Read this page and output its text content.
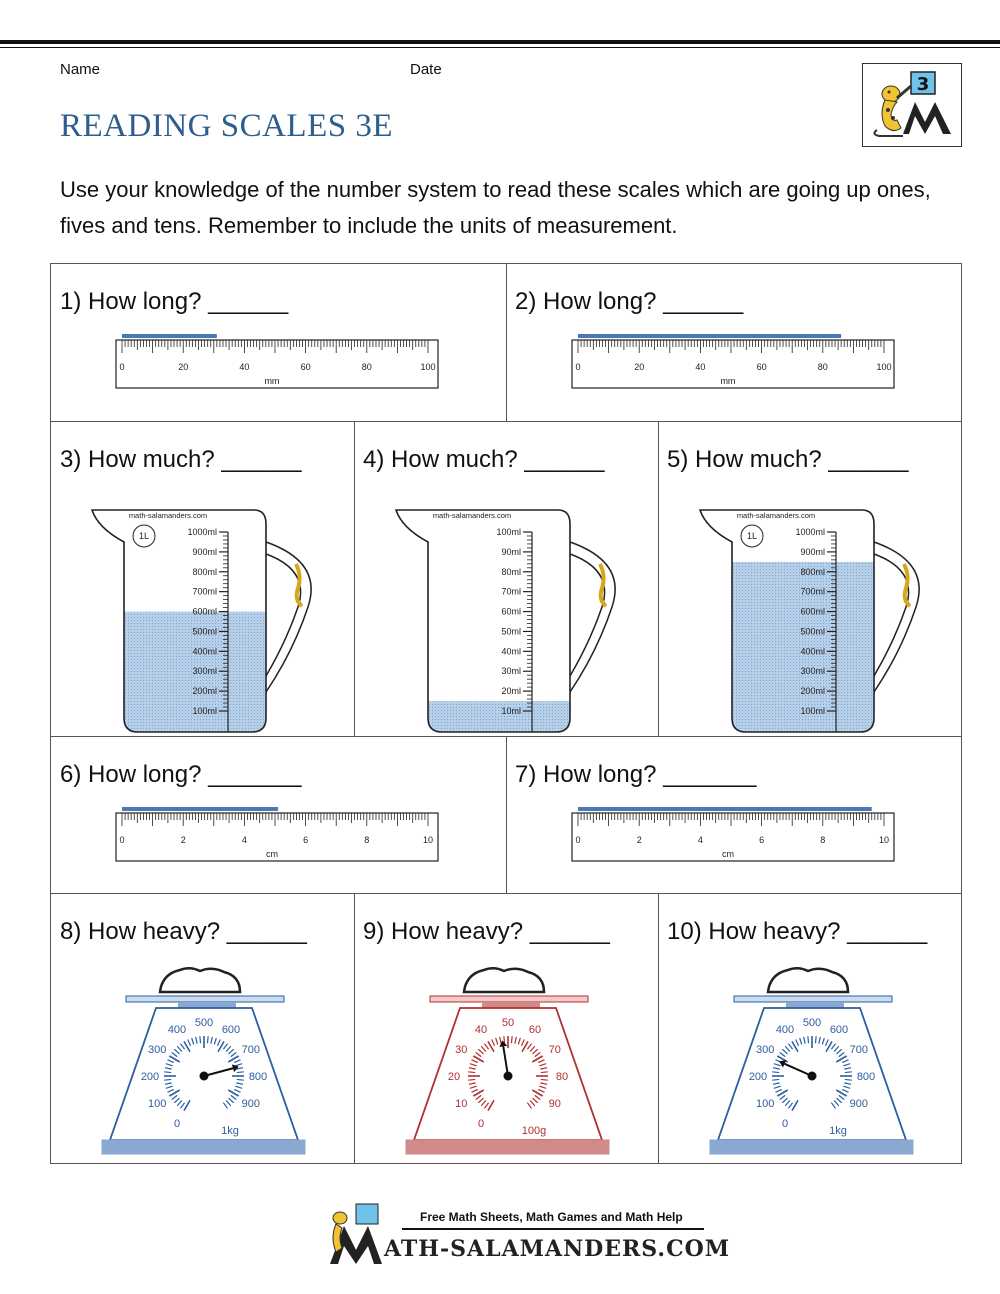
Name	Date
READING SCALES 3E
Use your knowledge of the number system to read these scales which are going up ones, fives and tens. Remember to include the units of measurement.
3
1) How long? ______	2) How long? ______
3) How much? ______	4) How much? ______	5) How much? ______
6) How long? _______	7) How long? _______
8) How heavy? ______ 9) How heavy? ______ 10) How heavy? ______
0	20	40	60	80	100
mm
0	20	40	60	80	100
mm
0	2	4	6	8	10
cm
0	2	4	6	8	10
cm
math-salamanders.com
1L	1000ml
900ml
800ml
700ml
600ml
500ml
400ml
300ml
200ml
100ml
math-salamanders.com
100ml
90ml
80ml
70ml
60ml
50ml
40ml
30ml
20ml
10ml
math-salamanders.com
1L	1000ml
900ml
800ml
700ml
600ml
500ml
400ml
300ml
200ml
100ml
0
100
200
300
400
500
600
700
800
900
1kg
0
10
20
30
40
50
60
70
80
90
100g
0
100
200
300
400
500
600
700
800
900
1kg
Free Math Sheets, Math Games and Math Help
ATH-SALAMANDERS.COM
